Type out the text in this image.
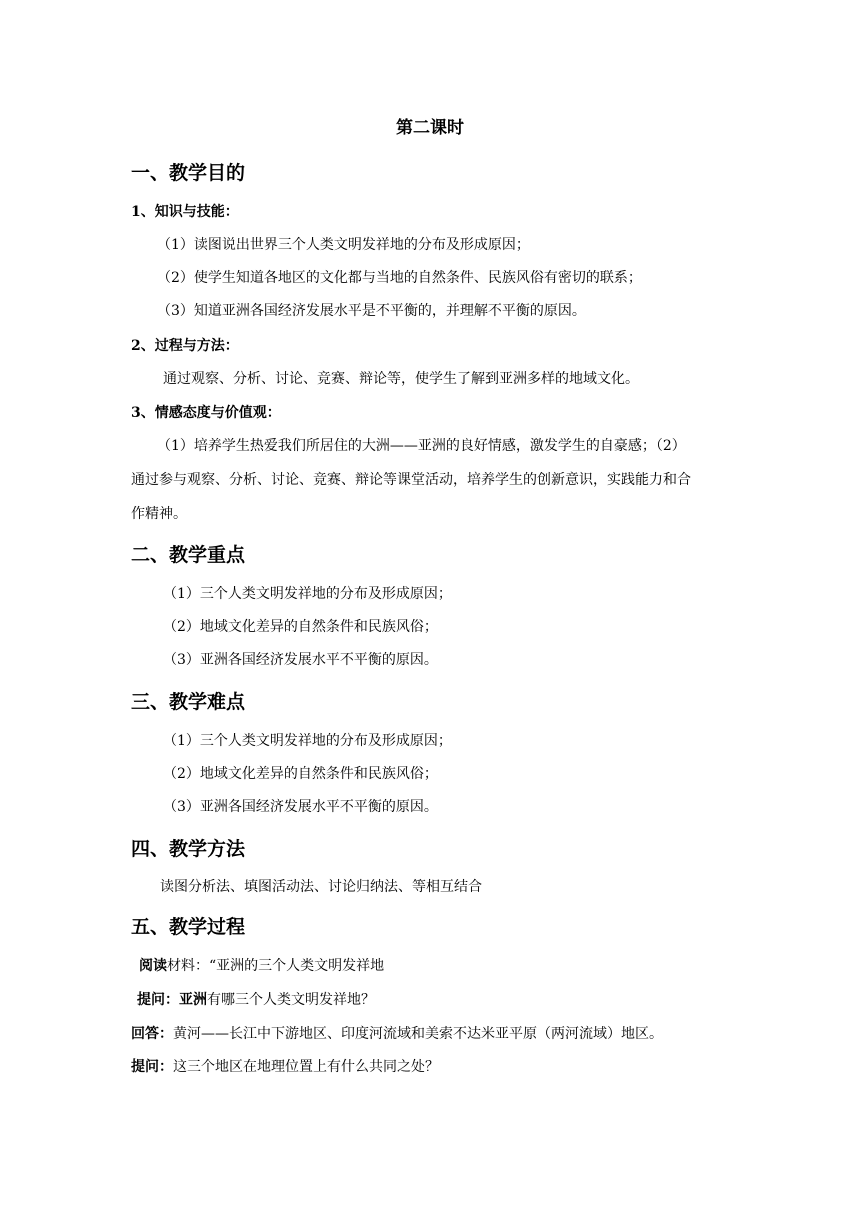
第二课时
一、教学目的
1、知识与技能：
（1）读图说出世界三个人类文明发祥地的分布及形成原因；
（2）使学生知道各地区的文化都与当地的自然条件、民族风俗有密切的联系；
（3）知道亚洲各国经济发展水平是不平衡的，并理解不平衡的原因。
2、过程与方法：
通过观察、分析、讨论、竞赛、辩论等，使学生了解到亚洲多样的地域文化。
3、情感态度与价值观：
（1）培养学生热爱我们所居住的大洲——亚洲的良好情感，激发学生的自豪感；（2）
通过参与观察、分析、讨论、竞赛、辩论等课堂活动，培养学生的创新意识，实践能力和合
作精神。
二、教学重点
（1）三个人类文明发祥地的分布及形成原因；
（2）地域文化差异的自然条件和民族风俗；
（3）亚洲各国经济发展水平不平衡的原因。
三、教学难点
（1）三个人类文明发祥地的分布及形成原因；
（2）地域文化差异的自然条件和民族风俗；
（3）亚洲各国经济发展水平不平衡的原因。
四、教学方法
读图分析法、填图活动法、讨论归纳法、等相互结合
五、教学过程
阅读材料：“亚洲的三个人类文明发祥地
提问：亚洲有哪三个人类文明发祥地？
回答：黄河——长江中下游地区、印度河流域和美索不达米亚平原（两河流域）地区。
提问：这三个地区在地理位置上有什么共同之处？
